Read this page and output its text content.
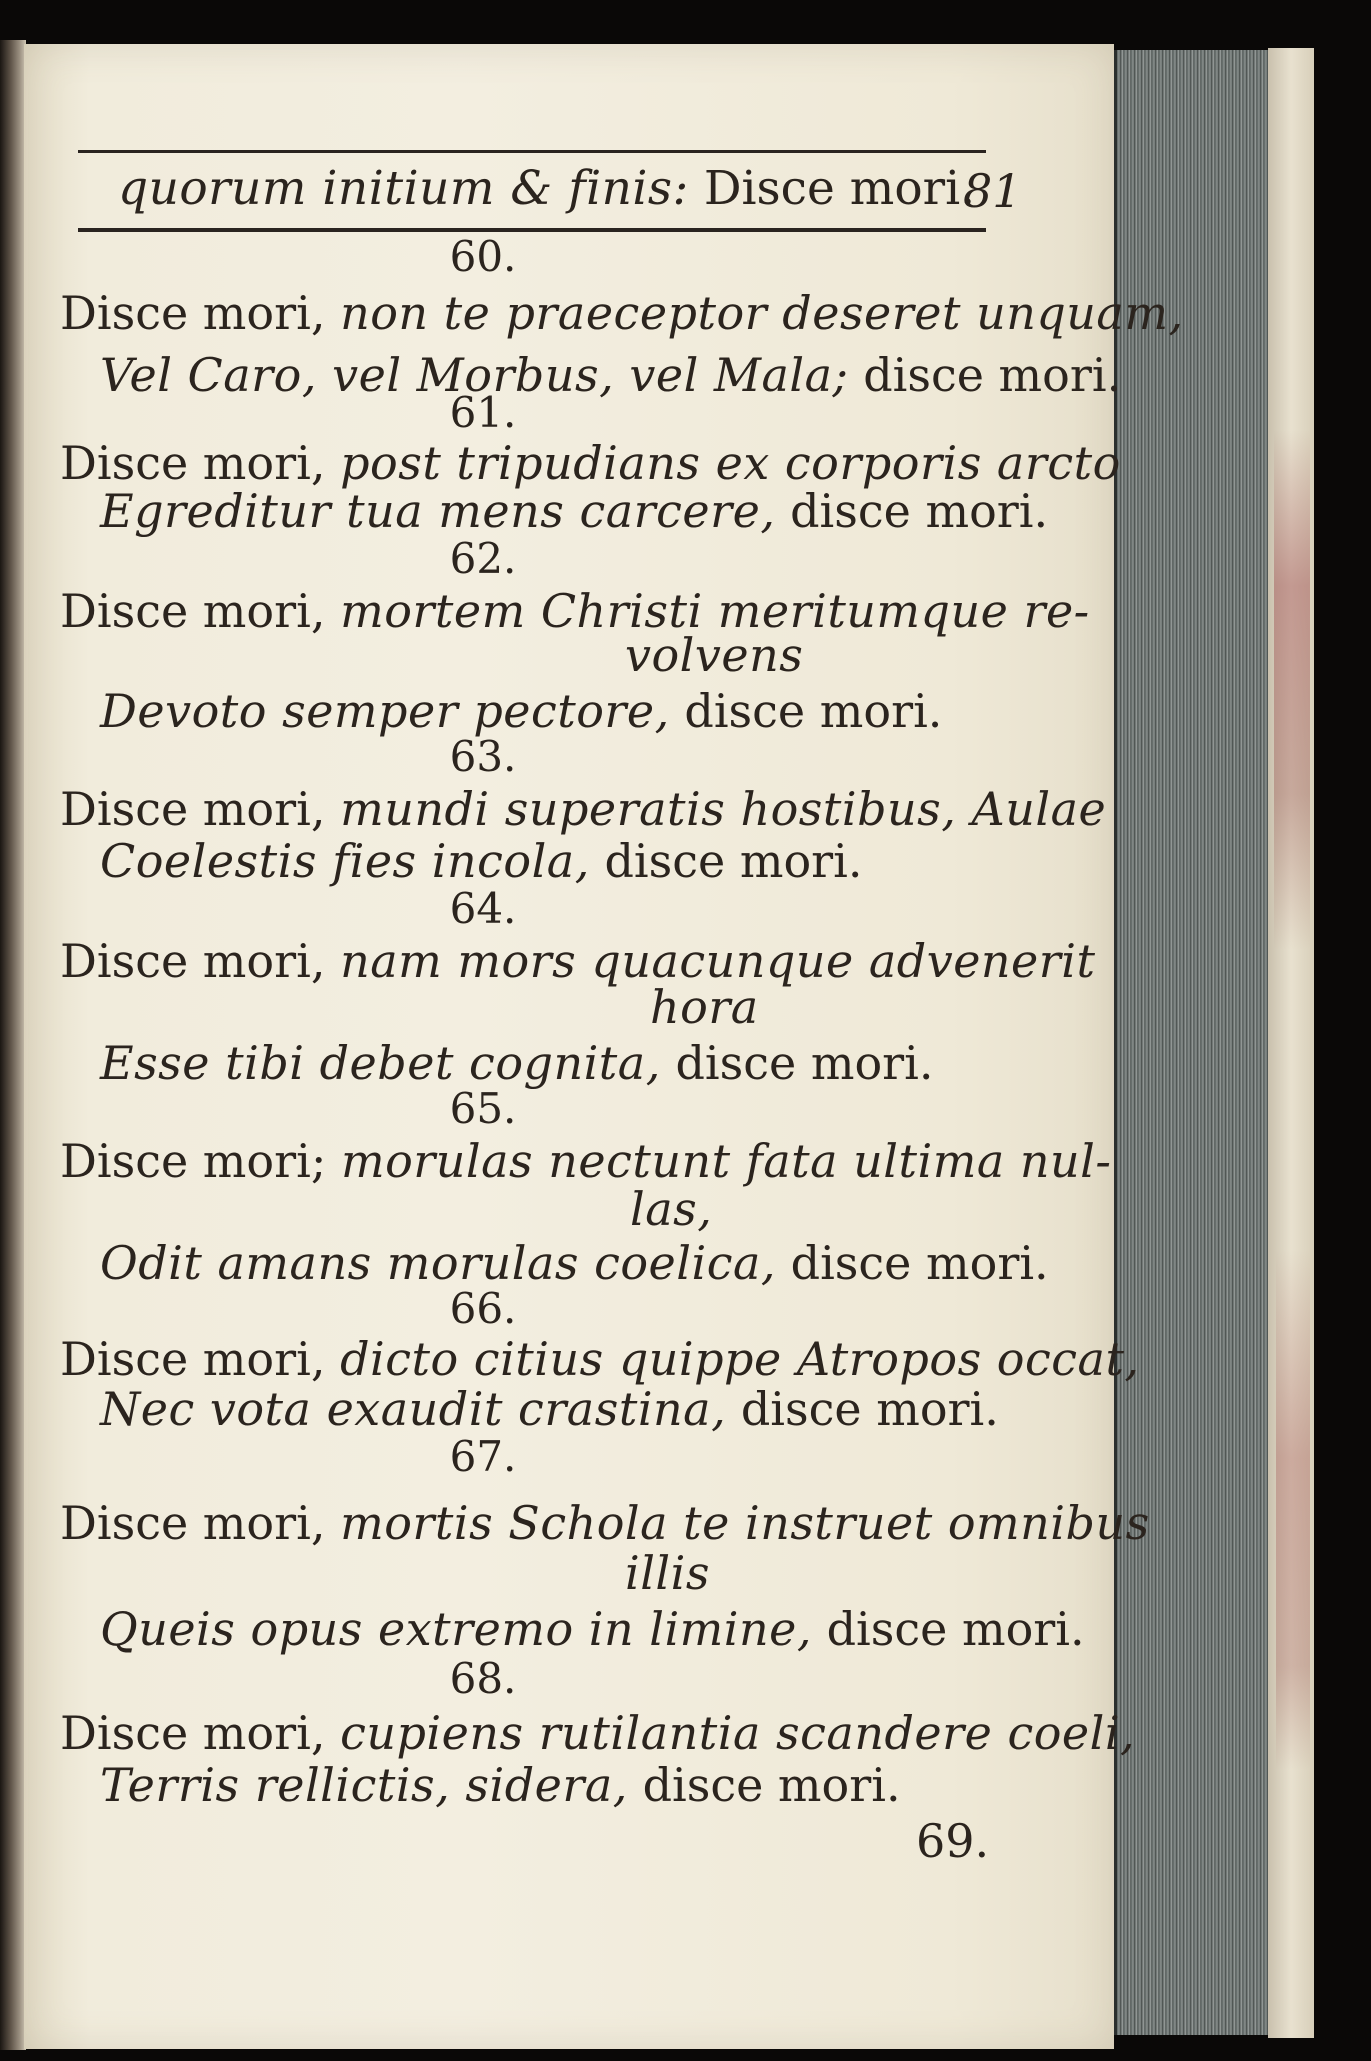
quorum initium & finis: Disce mori.
81
60.
Disce mori, non te praeceptor deseret unquam,
Vel Caro, vel Morbus, vel Mala; disce mori.
61.
Disce mori, post tripudians ex corporis arcto
Egreditur tua mens carcere, disce mori.
62.
Disce mori, mortem Christi meritumque re-
volvens
Devoto semper pectore, disce mori.
63.
Disce mori, mundi superatis hostibus, Aulae
Coelestis fies incola, disce mori.
64.
Disce mori, nam mors quacunque advenerit
hora
Esse tibi debet cognita, disce mori.
65.
Disce mori; morulas nectunt fata ultima nul-
las,
Odit amans morulas coelica, disce mori.
66.
Disce mori, dicto citius quippe Atropos occat,
Nec vota exaudit crastina, disce mori.
67.
Disce mori, mortis Schola te instruet omnibus
illis
Queis opus extremo in limine, disce mori.
68.
Disce mori, cupiens rutilantia scandere coeli,
Terris rellictis, sidera, disce mori.
69.
